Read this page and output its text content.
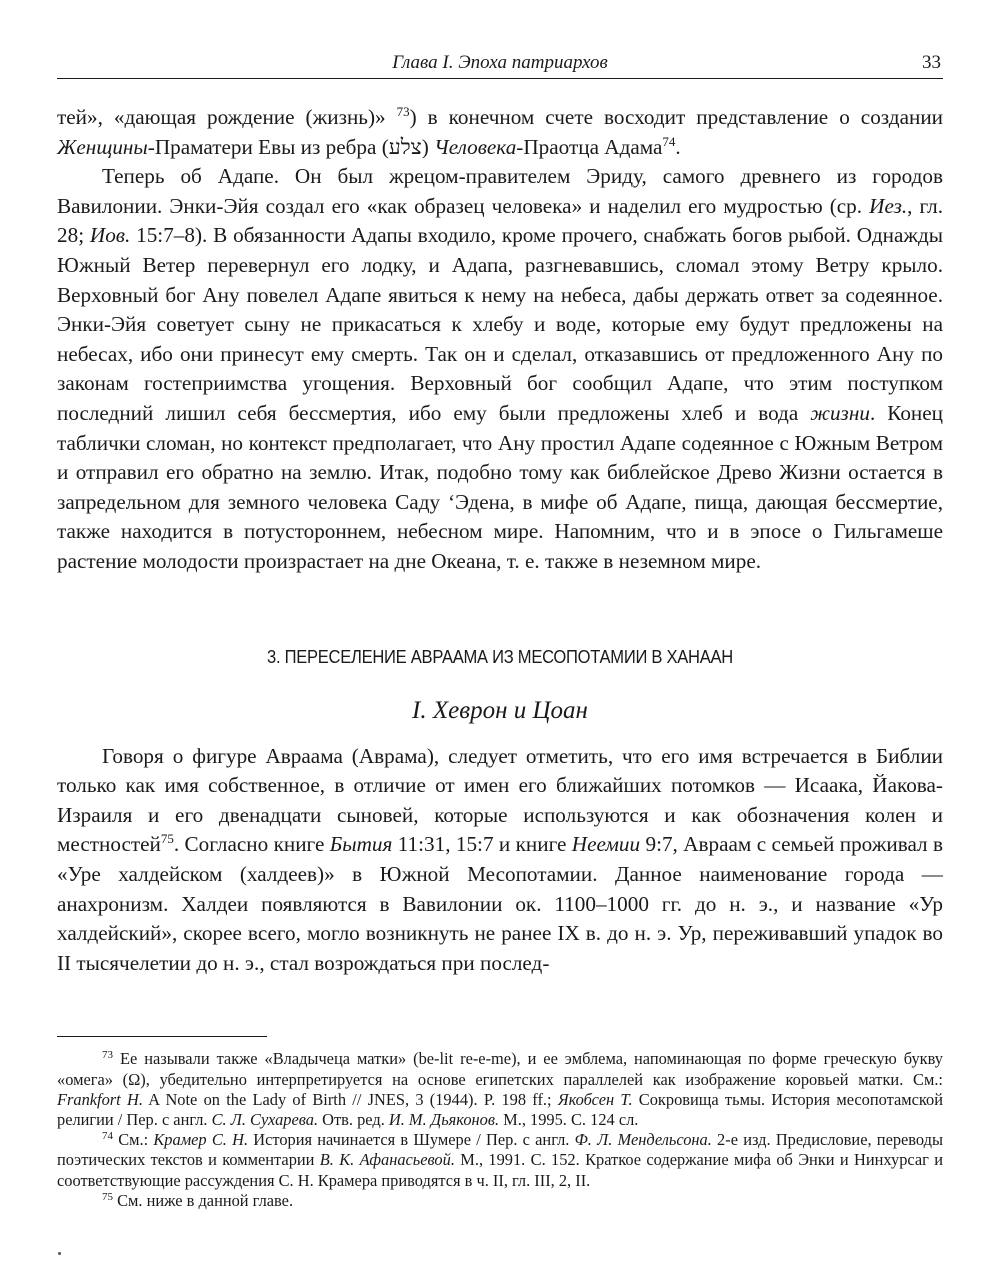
Глава I. Эпоха патриархов	33

тей», «дающая рождение (жизнь)» $^{73}$) в конечном счете восходит представление о создании Женщины-Праматери Евы из ребра (צלע) Человека-Праотца Адама$^{74}$.

Теперь об Адапе. Он был жрецом-правителем Эриду, самого древнего из городов Вавилонии. Энки-Эйя создал его «как образец человека» и наделил его мудростью (ср. Иез., гл. 28; Иов. 15:7–8). В обязанности Адапы входило, кроме прочего, снабжать богов рыбой. Однажды Южный Ветер перевернул его лодку, и Адапа, разгневавшись, сломал этому Ветру крыло. Верховный бог Ану повелел Адапе явиться к нему на небеса, дабы держать ответ за содеянное. Энки-Эйя советует сыну не прикасаться к хлебу и воде, которые ему будут предложены на небесах, ибо они принесут ему смерть. Так он и сделал, отказавшись от предложенного Ану по законам гостеприимства угощения. Верховный бог сообщил Адапе, что этим поступком последний лишил себя бессмертия, ибо ему были предложены хлеб и вода жизни. Конец таблички сломан, но контекст предполагает, что Ану простил Адапе содеянное с Южным Ветром и отправил его обратно на землю. Итак, подобно тому как библейское Древо Жизни остается в запредельном для земного человека Саду ‘Эдена, в мифе об Адапе, пища, дающая бессмертие, также находится в потустороннем, небесном мире. Напомним, что и в эпосе о Гильгамеше растение молодости произрастает на дне Океана, т. е. также в неземном мире.

3. ПЕРЕСЕЛЕНИЕ АВРААМА ИЗ МЕСОПОТАМИИ В ХАНААН
I. Хеврон и Цоан

Говоря о фигуре Авраама (Аврама), следует отметить, что его имя встречается в Библии только как имя собственное, в отличие от имен его ближайших потомков — Исаака, Йакова-Израиля и его двенадцати сыновей, которые используются и как обозначения колен и местностей$^{75}$. Согласно книге Бытия 11:31, 15:7 и книге Неемии 9:7, Авраам с семьей проживал в «Уре халдейском (халдеев)» в Южной Месопотамии. Данное наименование города — анахронизм. Халдеи появляются в Вавилонии ок. 1100–1000 гг. до н. э., и название «Ур халдейский», скорее всего, могло возникнуть не ранее IX в. до н. э. Ур, переживавший упадок во II тысячелетии до н. э., стал возрождаться при послед-

$^{73}$ Ее называли также «Владычеца матки» (be-lit re-e-me), и ее эмблема, напоминающая по форме греческую букву «омега» (Ω), убедительно интерпретируется на основе египетских параллелей как изображение коровьей матки. См.: Frankfort H. A Note on the Lady of Birth // JNES, 3 (1944). P. 198 ff.; Якобсен Т. Сокровища тьмы. История месопотамской религии / Пер. с англ. С. Л. Сухарева. Отв. ред. И. М. Дьяконов. М., 1995. С. 124 сл.

$^{74}$ См.: Крамер С. Н. История начинается в Шумере / Пер. с англ. Ф. Л. Мендельсона. 2-е изд. Предисловие, переводы поэтических текстов и комментарии В. К. Афанасьевой. М., 1991. С. 152. Краткое содержание мифа об Энки и Нинхурсаг и соответствующие рассуждения С. Н. Крамера приводятся в ч. II, гл. III, 2, II.

$^{75}$ См. ниже в данной главе.
